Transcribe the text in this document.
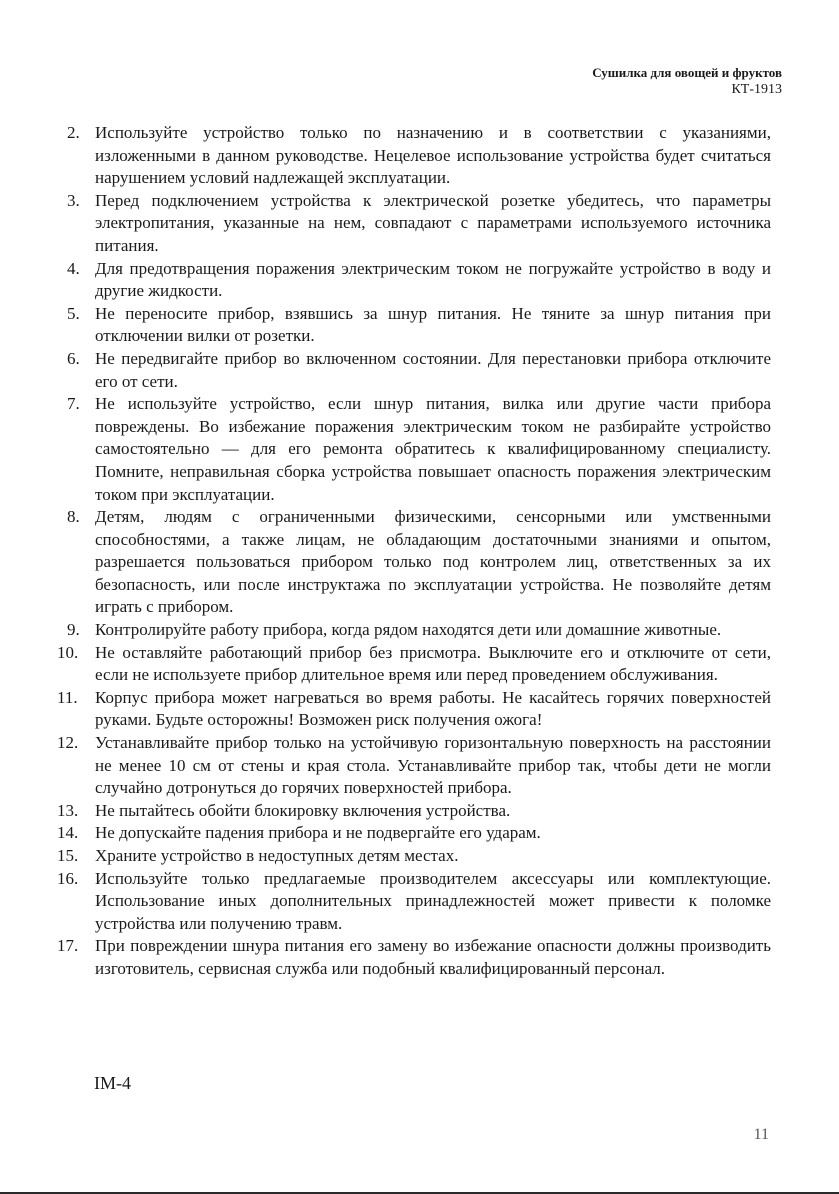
Сушилка для овощей и фруктов
КТ-1913
2. Используйте устройство только по назначению и в соответствии с указаниями, изложенными в данном руководстве. Нецелевое использование устройства будет считаться нарушением условий надлежащей эксплуатации.
3. Перед подключением устройства к электрической розетке убедитесь, что параметры электропитания, указанные на нем, совпадают с параметрами используемого источника питания.
4. Для предотвращения поражения электрическим током не погружайте устройство в воду и другие жидкости.
5. Не переносите прибор, взявшись за шнур питания. Не тяните за шнур питания при отключении вилки от розетки.
6. Не передвигайте прибор во включенном состоянии. Для перестановки прибора отключите его от сети.
7. Не используйте устройство, если шнур питания, вилка или другие части прибора повреждены. Во избежание поражения электрическим током не разбирайте устройство самостоятельно — для его ремонта обратитесь к квалифицированному специалисту. Помните, неправильная сборка устройства повышает опасность поражения электрическим током при эксплуатации.
8. Детям, людям с ограниченными физическими, сенсорными или умственными способностями, а также лицам, не обладающим достаточными знаниями и опытом, разрешается пользоваться прибором только под контролем лиц, ответственных за их безопасность, или после инструктажа по эксплуатации устройства. Не позволяйте детям играть с прибором.
9. Контролируйте работу прибора, когда рядом находятся дети или домашние животные.
10. Не оставляйте работающий прибор без присмотра. Выключите его и отключите от сети, если не используете прибор длительное время или перед проведением обслуживания.
11.	Корпус прибора может нагреваться во время работы. Не касайтесь горячих поверхностей руками. Будьте осторожны! Возможен риск получения ожога!
12. Устанавливайте прибор только на устойчивую горизонтальную поверхность на расстоянии не менее 10 см от стены и края стола. Устанавливайте прибор так, чтобы дети не могли случайно дотронуться до горячих поверхностей прибора.
13. Не пытайтесь обойти блокировку включения устройства.
14. Не допускайте падения прибора и не подвергайте его ударам.
15. Храните устройство в недоступных детям местах.
16. Используйте только предлагаемые производителем аксессуары или комплектующие. Использование иных дополнительных принадлежностей может привести к поломке устройства или получению травм.
17. При повреждении шнура питания его замену во избежание опасности должны производить изготовитель, сервисная служба или подобный квалифицированный персонал.
IM-4
11
